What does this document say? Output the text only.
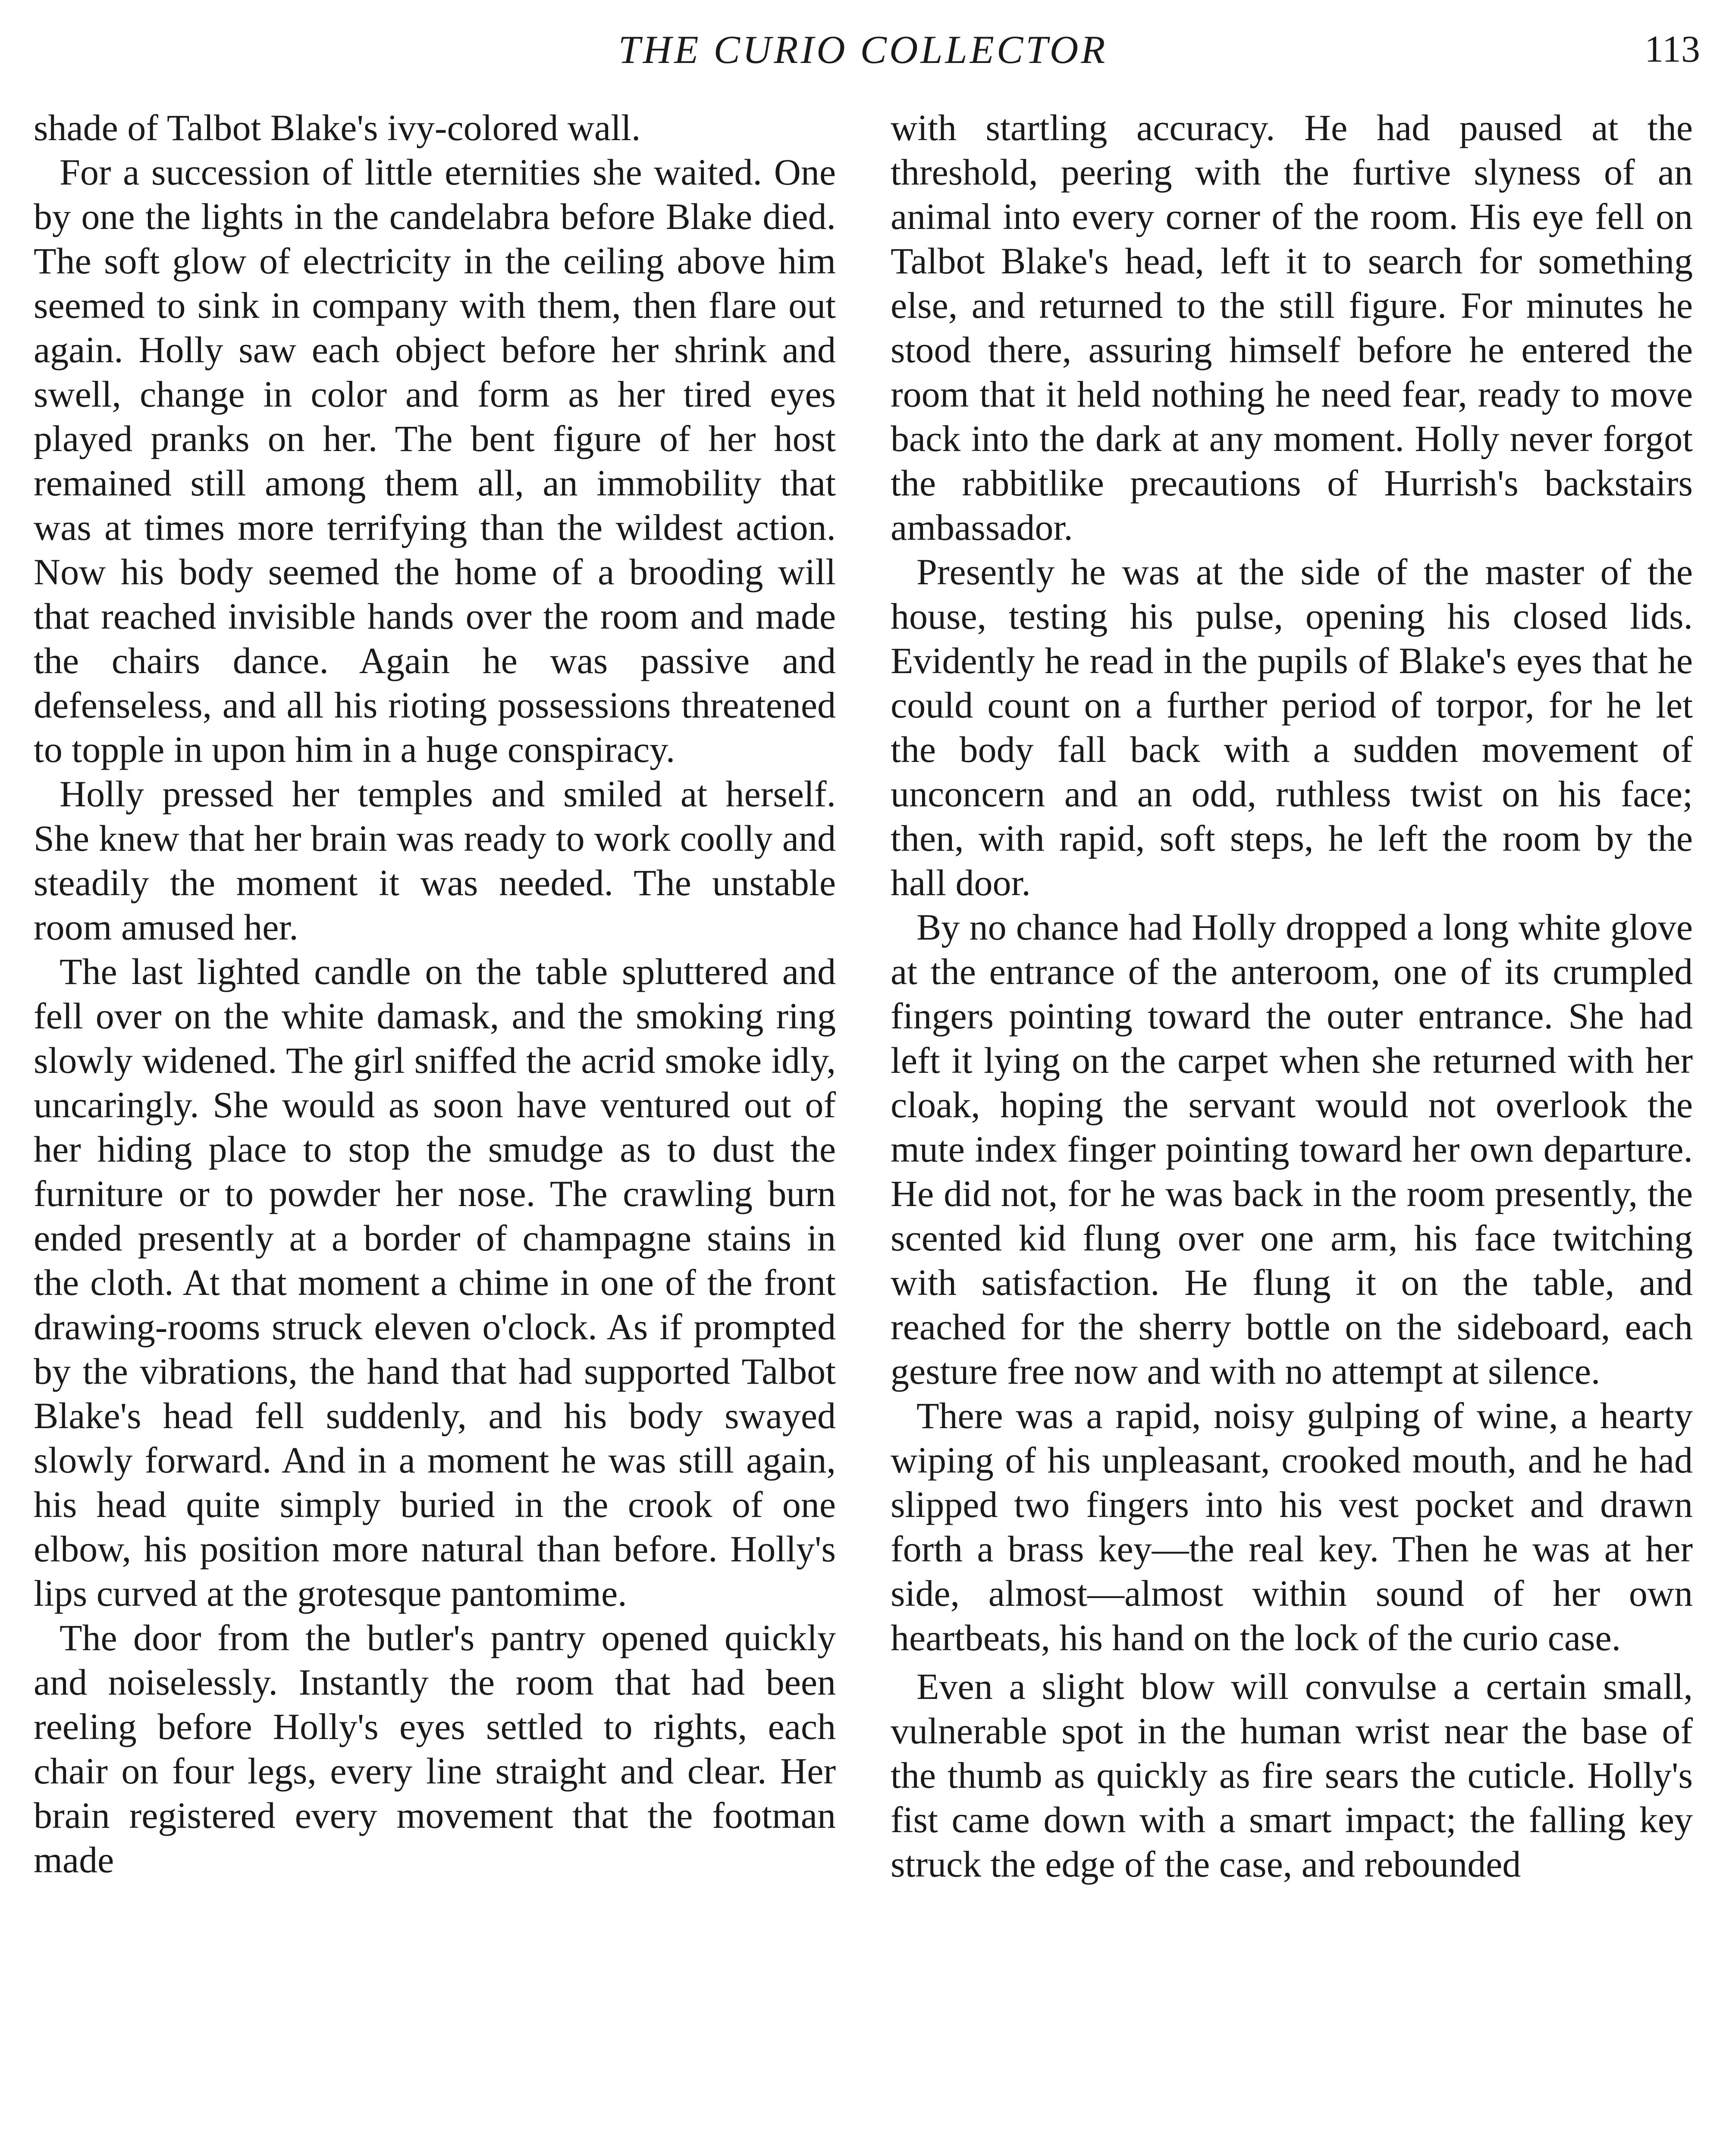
THE CURIO COLLECTOR	113

shade of Talbot Blake's ivy-colored wall.

For a succession of little eternities she waited. One by one the lights in the candelabra before Blake died. The soft glow of electricity in the ceiling above him seemed to sink in company with them, then flare out again. Holly saw each object before her shrink and swell, change in color and form as her tired eyes played pranks on her. The bent figure of her host remained still among them all, an immobility that was at times more terrifying than the wildest action. Now his body seemed the home of a brooding will that reached invisible hands over the room and made the chairs dance. Again he was passive and defenseless, and all his rioting possessions threatened to topple in upon him in a huge conspiracy.

Holly pressed her temples and smiled at herself. She knew that her brain was ready to work coolly and steadily the moment it was needed. The unstable room amused her.

The last lighted candle on the table spluttered and fell over on the white damask, and the smoking ring slowly widened. The girl sniffed the acrid smoke idly, uncaringly. She would as soon have ventured out of her hiding place to stop the smudge as to dust the furniture or to powder her nose. The crawling burn ended presently at a border of champagne stains in the cloth. At that moment a chime in one of the front drawing-rooms struck eleven o'clock. As if prompted by the vibrations, the hand that had supported Talbot Blake's head fell suddenly, and his body swayed slowly forward. And in a moment he was still again, his head quite simply buried in the crook of one elbow, his position more natural than before. Holly's lips curved at the grotesque pantomime.

The door from the butler's pantry opened quickly and noiselessly. Instantly the room that had been reeling before Holly's eyes settled to rights, each chair on four legs, every line straight and clear. Her brain registered every movement that the footman made

with startling accuracy. He had paused at the threshold, peering with the furtive slyness of an animal into every corner of the room. His eye fell on Talbot Blake's head, left it to search for something else, and returned to the still figure. For minutes he stood there, assuring himself before he entered the room that it held nothing he need fear, ready to move back into the dark at any moment. Holly never forgot the rabbitlike precautions of Hurrish's backstairs ambassador.

Presently he was at the side of the master of the house, testing his pulse, opening his closed lids. Evidently he read in the pupils of Blake's eyes that he could count on a further period of torpor, for he let the body fall back with a sudden movement of unconcern and an odd, ruthless twist on his face; then, with rapid, soft steps, he left the room by the hall door.

By no chance had Holly dropped a long white glove at the entrance of the anteroom, one of its crumpled fingers pointing toward the outer entrance. She had left it lying on the carpet when she returned with her cloak, hoping the servant would not overlook the mute index finger pointing toward her own departure. He did not, for he was back in the room presently, the scented kid flung over one arm, his face twitching with satisfaction. He flung it on the table, and reached for the sherry bottle on the sideboard, each gesture free now and with no attempt at silence.

There was a rapid, noisy gulping of wine, a hearty wiping of his unpleasant, crooked mouth, and he had slipped two fingers into his vest pocket and drawn forth a brass key—the real key. Then he was at her side, almost—almost within sound of her own heartbeats, his hand on the lock of the curio case.

Even a slight blow will convulse a certain small, vulnerable spot in the human wrist near the base of the thumb as quickly as fire sears the cuticle. Holly's fist came down with a smart impact; the falling key struck the edge of the case, and rebounded
